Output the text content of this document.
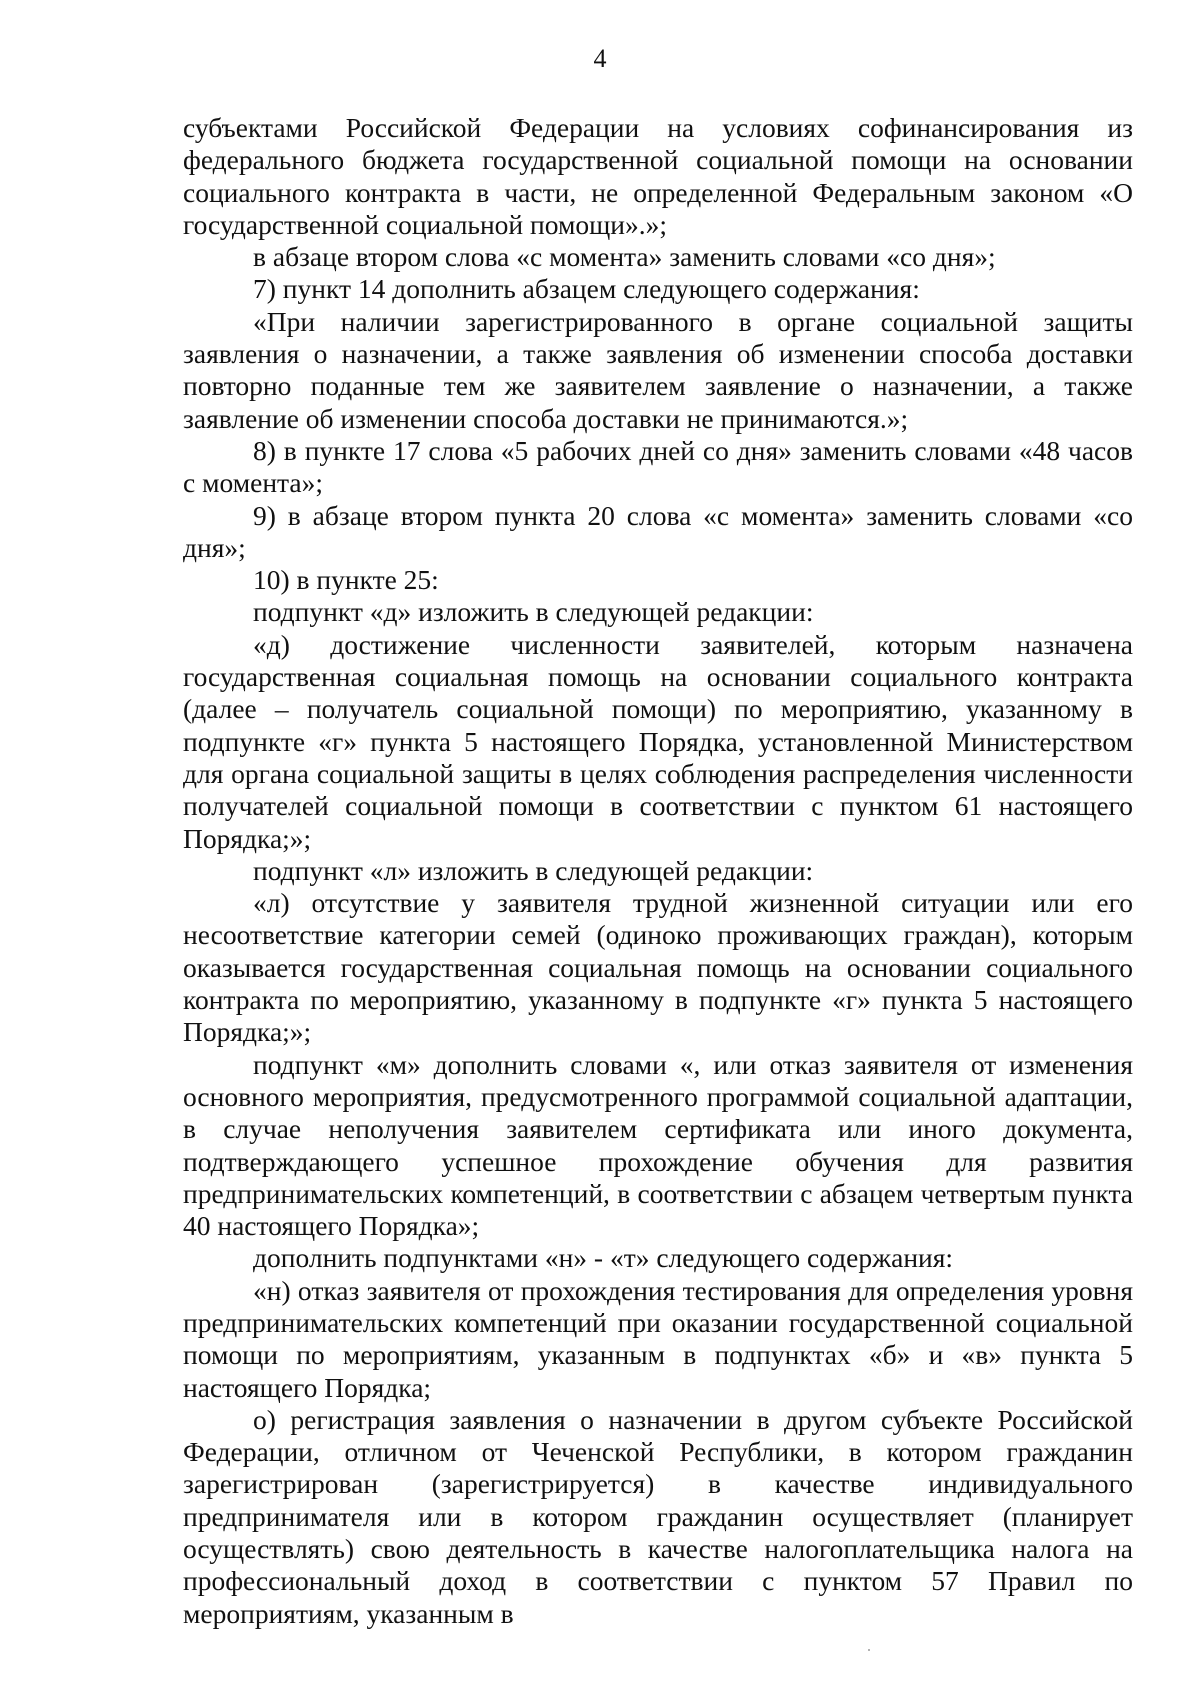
4

субъектами Российской Федерации на условиях софинансирования из федерального бюджета государственной социальной помощи на основании социального контракта в части, не определенной Федеральным законом «О государственной социальной помощи».»;

в абзаце втором слова «с момента» заменить словами «со дня»;

7) пункт 14 дополнить абзацем следующего содержания:

«При наличии зарегистрированного в органе социальной защиты заявления о назначении, а также заявления об изменении способа доставки повторно поданные тем же заявителем заявление о назначении, а также заявление об изменении способа доставки не принимаются.»;

8) в пункте 17 слова «5 рабочих дней со дня» заменить словами «48 часов с момента»;

9) в абзаце втором пункта 20 слова «с момента» заменить словами «со дня»;

10) в пункте 25:

подпункт «д» изложить в следующей редакции:

«д) достижение численности заявителей, которым назначена государственная социальная помощь на основании социального контракта (далее – получатель социальной помощи) по мероприятию, указанному в подпункте «г» пункта 5 настоящего Порядка, установленной Министерством для органа социальной защиты в целях соблюдения распределения численности получателей социальной помощи в соответствии с пунктом 61 настоящего Порядка;»;

подпункт «л» изложить в следующей редакции:

«л) отсутствие у заявителя трудной жизненной ситуации или его несоответствие категории семей (одиноко проживающих граждан), которым оказывается государственная социальная помощь на основании социального контракта по мероприятию, указанному в подпункте «г» пункта 5 настоящего Порядка;»;

подпункт «м» дополнить словами «, или отказ заявителя от изменения основного мероприятия, предусмотренного программой социальной адаптации, в случае неполучения заявителем сертификата или иного документа, подтверждающего успешное прохождение обучения для развития предпринимательских компетенций, в соответствии с абзацем четвертым пункта 40 настоящего Порядка»;

дополнить подпунктами «н» - «т» следующего содержания:

«н) отказ заявителя от прохождения тестирования для определения уровня предпринимательских компетенций при оказании государственной социальной помощи по мероприятиям, указанным в подпунктах «б» и «в» пункта 5 настоящего Порядка;

о) регистрация заявления о назначении в другом субъекте Российской Федерации, отличном от Чеченской Республики, в котором гражданин зарегистрирован (зарегистрируется) в качестве индивидуального предпринимателя или в котором гражданин осуществляет (планирует осуществлять) свою деятельность в качестве налогоплательщика налога на профессиональный доход в соответствии с пунктом 57 Правил по мероприятиям, указанным в
